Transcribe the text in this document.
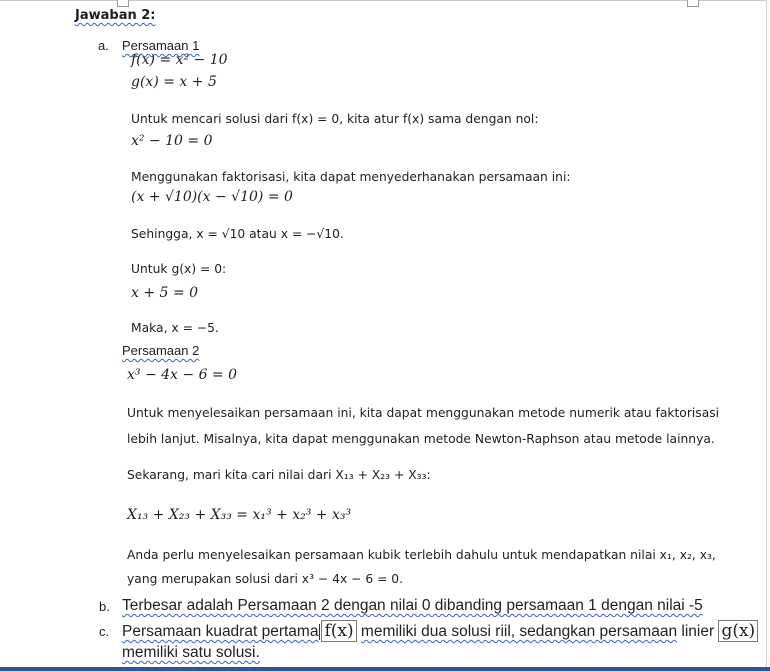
Jawaban 2:
a. Persamaan 1
f(x) = x² − 10
g(x) = x + 5
Untuk mencari solusi dari f(x) = 0, kita atur f(x) sama dengan nol:
x² − 10 = 0
Menggunakan faktorisasi, kita dapat menyederhanakan persamaan ini:
(x + √10)(x − √10) = 0
Sehingga, x = √10 atau x = −√10.
Untuk g(x) = 0:
x + 5 = 0
Maka, x = −5.
Persamaan 2
x³ − 4x − 6 = 0
Untuk menyelesaikan persamaan ini, kita dapat menggunakan metode numerik atau faktorisasi
lebih lanjut. Misalnya, kita dapat menggunakan metode Newton-Raphson atau metode lainnya.
Sekarang, mari kita cari nilai dari X₁₃ + X₂₃ + X₃₃:
X₁₃ + X₂₃ + X₃₃ = x₁³ + x₂³ + x₃³
Anda perlu menyelesaikan persamaan kubik terlebih dahulu untuk mendapatkan nilai x₁, x₂, x₃,
yang merupakan solusi dari x³ − 4x − 6 = 0.
b. Terbesar adalah Persamaan 2 dengan nilai 0 dibanding persamaan 1 dengan nilai -5
c. Persamaan kuadrat pertama f(x) memiliki dua solusi riil, sedangkan persamaan linier g(x)
memiliki satu solusi.
